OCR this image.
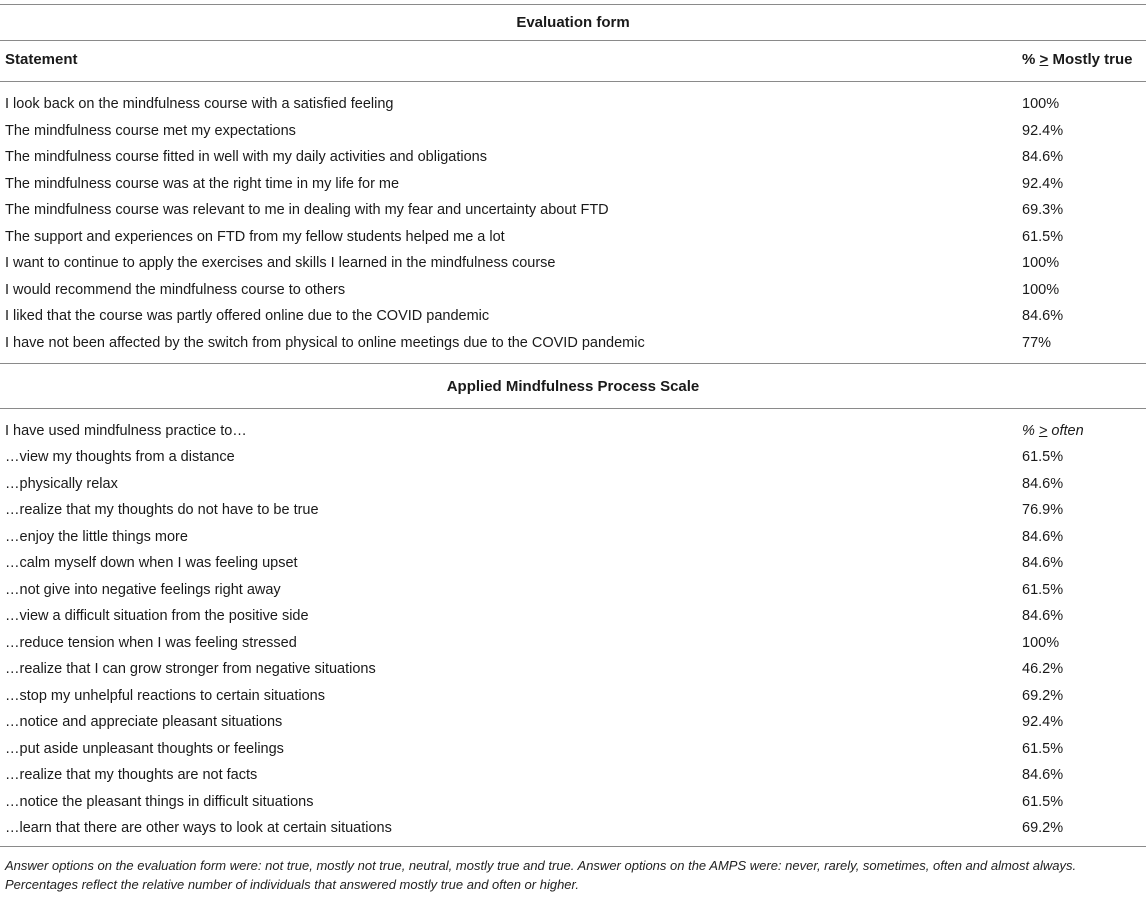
Evaluation form
Statement	% > Mostly true
I look back on the mindfulness course with a satisfied feeling	100%
The mindfulness course met my expectations	92.4%
The mindfulness course fitted in well with my daily activities and obligations	84.6%
The mindfulness course was at the right time in my life for me	92.4%
The mindfulness course was relevant to me in dealing with my fear and uncertainty about FTD	69.3%
The support and experiences on FTD from my fellow students helped me a lot	61.5%
I want to continue to apply the exercises and skills I learned in the mindfulness course	100%
I would recommend the mindfulness course to others	100%
I liked that the course was partly offered online due to the COVID pandemic	84.6%
I have not been affected by the switch from physical to online meetings due to the COVID pandemic	77%
Applied Mindfulness Process Scale
I have used mindfulness practice to…	% > often
…view my thoughts from a distance	61.5%
…physically relax	84.6%
…realize that my thoughts do not have to be true	76.9%
…enjoy the little things more	84.6%
…calm myself down when I was feeling upset	84.6%
…not give into negative feelings right away	61.5%
…view a difficult situation from the positive side	84.6%
…reduce tension when I was feeling stressed	100%
…realize that I can grow stronger from negative situations	46.2%
…stop my unhelpful reactions to certain situations	69.2%
…notice and appreciate pleasant situations	92.4%
…put aside unpleasant thoughts or feelings	61.5%
…realize that my thoughts are not facts	84.6%
…notice the pleasant things in difficult situations	61.5%
…learn that there are other ways to look at certain situations	69.2%
Answer options on the evaluation form were: not true, mostly not true, neutral, mostly true and true. Answer options on the AMPS were: never, rarely, sometimes, often and almost always. Percentages reflect the relative number of individuals that answered mostly true and often or higher.
